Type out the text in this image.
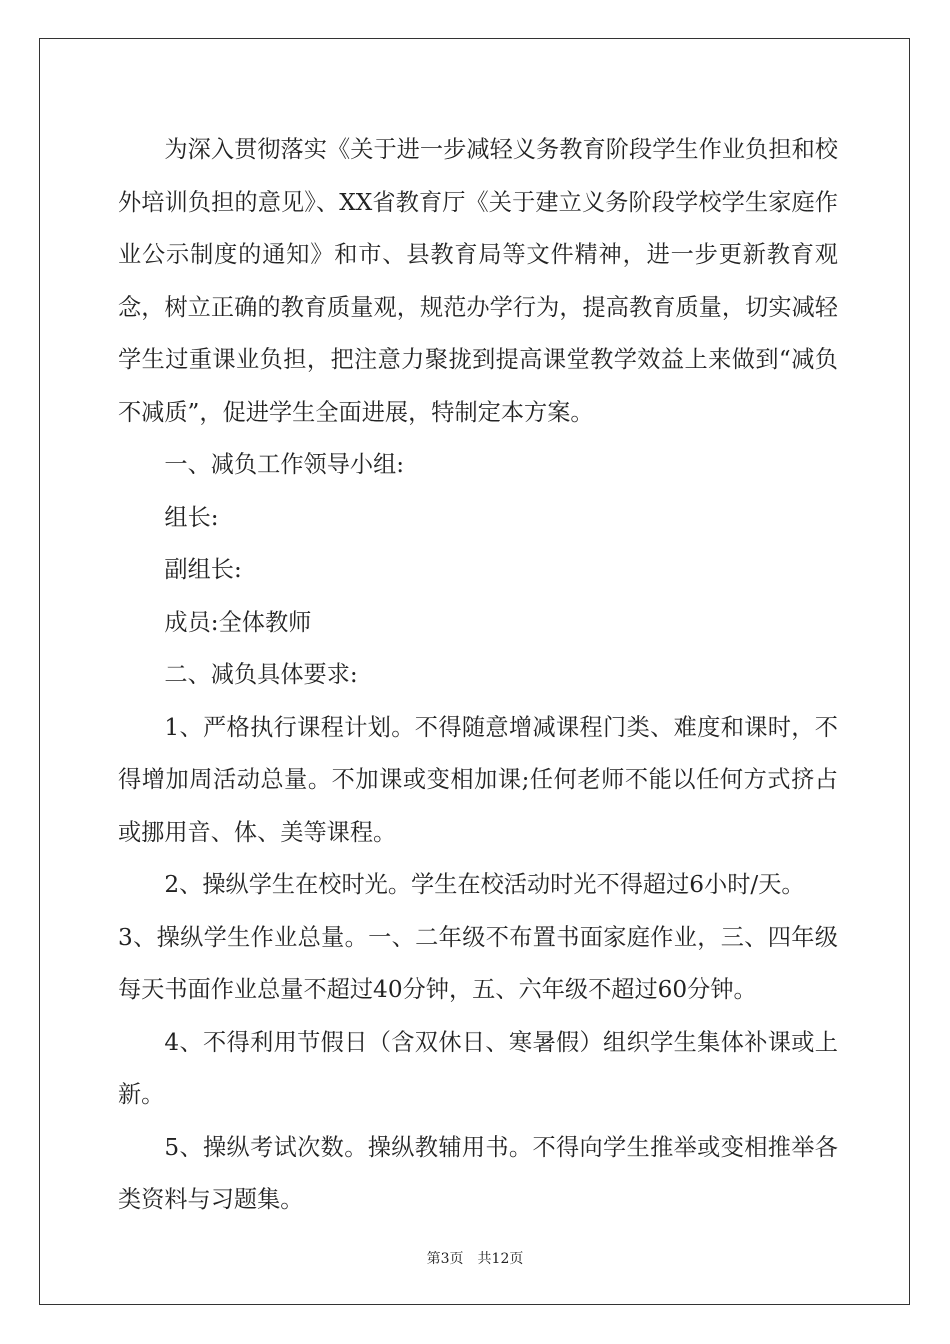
为深入贯彻落实《关于进一步减轻义务教育阶段学生作业负担和校外培训负担的意见》、XX省教育厅《关于建立义务阶段学校学生家庭作业公示制度的通知》和市、县教育局等文件精神，进一步更新教育观念，树立正确的教育质量观，规范办学行为，提高教育质量，切实减轻学生过重课业负担，把注意力聚拢到提高课堂教学效益上来做到“减负不减质”，促进学生全面进展，特制定本方案。

一、减负工作领导小组:

组长:

副组长:

成员:全体教师

二、减负具体要求:

1、严格执行课程计划。不得随意增减课程门类、难度和课时，不得增加周活动总量。不加课或变相加课;任何老师不能以任何方式挤占或挪用音、体、美等课程。

2、操纵学生在校时光。学生在校活动时光不得超过6小时/天。

3、操纵学生作业总量。一、二年级不布置书面家庭作业，三、四年级每天书面作业总量不超过40分钟，五、六年级不超过60分钟。

4、不得利用节假日（含双休日、寒暑假）组织学生集体补课或上新。

5、操纵考试次数。操纵教辅用书。不得向学生推举或变相推举各类资料与习题集。

第3页 共12页
